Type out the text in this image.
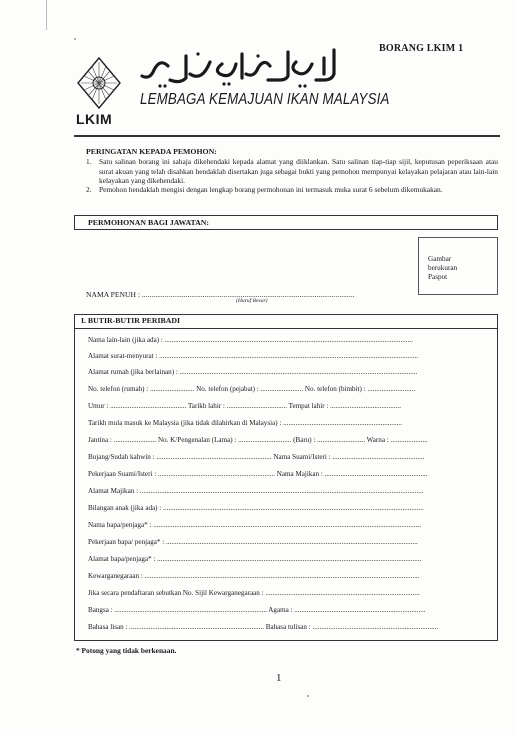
BORANG LKIM 1
LKIM
لمبا ݢ كماجوان ايكن مليسيا
LEMBAGA KEMAJUAN IKAN MALAYSIA
PERINGATAN KEPADA PEMOHON:
1. Satu salinan borang ini sahaja dikehendaki kepada alamat yang diiklankan. Satu salinan tiap-tiap sijil, keputusan peperiksaan atau surat akuan yang telah disahkan hendaklah disertakan juga sebagai bukti yang pemohon mempunyai kelayakan pelajaran atau lain-lain kelayakan yang dikehendaki.
2. Pemohon hendaklah mengisi dengan lengkap borang permohonan ini termasuk muka surat 6 sebelum dikemukakan.
PERMOHONAN BAGI JAWATAN:
Gambar
berukuran
Paspot
NAMA PENUH : ................................................................................................................
(Huruf Besar)
I. BUTIR-BUTIR PERIBADI
Nama lain-lain (jika ada) : ............................................................................................................................................
Alamat surat-menyurat : ..................................................................................................................................................
Alamat rumah (jika berlainan) : ......................................................................................................................................
No. telefon (rumah) : ......................... No. telefon (pejabat) : ........................ No. telefon (bimbit) : ...........................
Umur : ........................................... Tarikh lahir : .................................. Tempat lahir : ........................................
Tarikh mula masuk ke Malaysia (jika tidak dilahirkan di Malaysia) : ...................................................................
Jantina : ........................ No. K/Pengenalan (Lama) : .............................. (Baru) : ........................... Warna : .....................
Bujang/Sudah kahwin : ................................................................. Nama Suami/Isteri : ....................................................
Pekerjaan Suami/Isteri : .................................................................. Nama Majikan : ..........................................................
Alamat Majikan : ................................................................................................................................................................
Bilangan anak (jika ada) : ...................................................................................................................................................
Nama bapa/penjaga* : .......................................................................................................................................................
Pekerjaan bapa/ penjaga* : ..............................................................................................................................................
Alamat bapa/penjaga* : .....................................................................................................................................................
Kewarganegaraan : ...........................................................................................................................................................
Jika secara pendaftaran sebutkan No. Sijil Kewarganegaraan : .......................................................................................
Bangsa : ...................................................................................... Agama : ..........................................................................
Bahasa lisan : ............................................................................ Bahasa tulisan : .......................................................................
* Potong yang tidak berkenaan.
1
